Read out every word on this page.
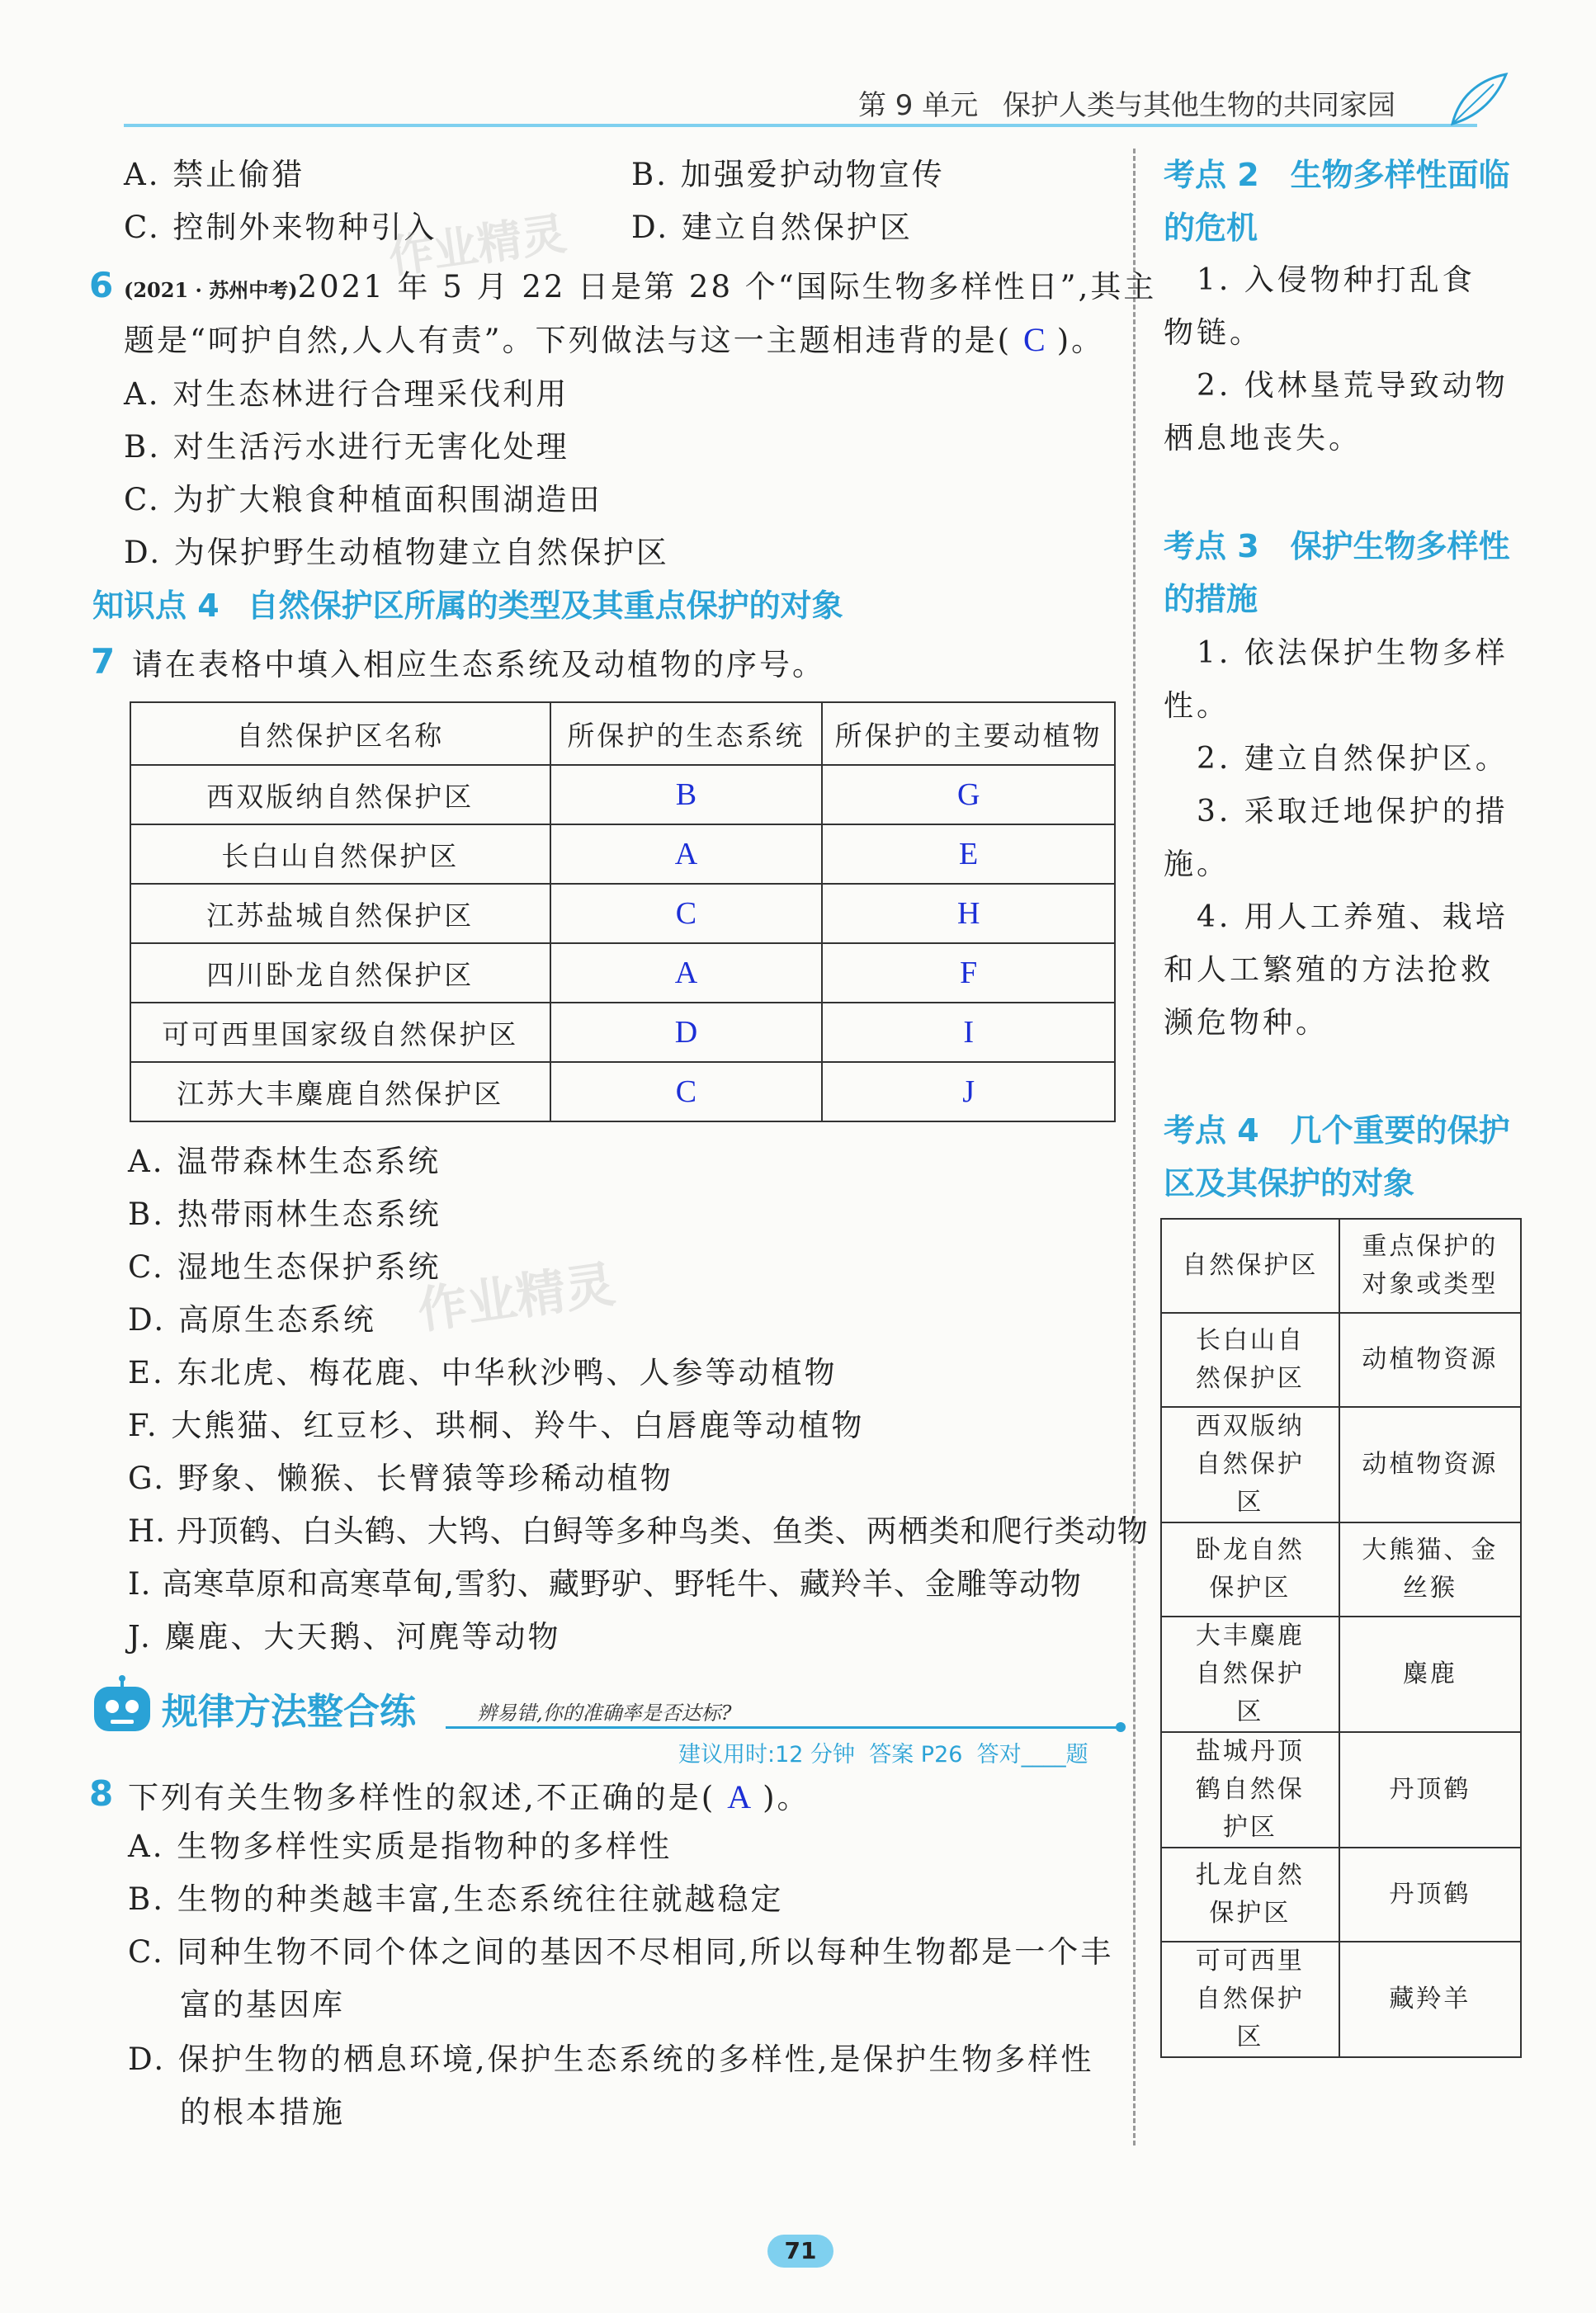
第 9 单元 保护人类与其他生物的共同家园
A. 禁止偷猎	B. 加强爱护动物宣传
C. 控制外来物种引入	D. 建立自然保护区
6 (2021 · 苏州中考)2021 年 5 月 22 日是第 28 个“国际生物多样性日”,其主
题是“呵护自然,人人有责”。下列做法与这一主题相违背的是( C )。
A. 对生态林进行合理采伐利用
B. 对生活污水进行无害化处理
C. 为扩大粮食种植面积围湖造田
D. 为保护野生动植物建立自然保护区
知识点 4 自然保护区所属的类型及其重点保护的对象
7 请在表格中填入相应生态系统及动植物的序号。
自然保护区名称	所保护的生态系统	所保护的主要动植物
西双版纳自然保护区	B	G
长白山自然保护区	A	E
江苏盐城自然保护区	C	H
四川卧龙自然保护区	A	F
可可西里国家级自然保护区	D	I
江苏大丰麋鹿自然保护区	C	J
A. 温带森林生态系统
B. 热带雨林生态系统
C. 湿地生态保护系统
D. 高原生态系统
E. 东北虎、梅花鹿、中华秋沙鸭、人参等动植物
F. 大熊猫、红豆杉、珙桐、羚牛、白唇鹿等动植物
G. 野象、懒猴、长臂猿等珍稀动植物
H. 丹顶鹤、白头鹤、大鸨、白鲟等多种鸟类、鱼类、两栖类和爬行类动物
I. 高寒草原和高寒草甸,雪豹、藏野驴、野牦牛、藏羚羊、金雕等动物
J. 麋鹿、大天鹅、河麂等动物
规律方法整合练	辨易错,你的准确率是否达标?
建议用时:12 分钟  答案 P26  答对____题
8 下列有关生物多样性的叙述,不正确的是( A )。
A. 生物多样性实质是指物种的多样性
B. 生物的种类越丰富,生态系统往往就越稳定
C. 同种生物不同个体之间的基因不尽相同,所以每种生物都是一个丰
富的基因库
D. 保护生物的栖息环境,保护生态系统的多样性,是保护生物多样性
的根本措施
考点 2　生物多样性面临
的危机
　1. 入侵物种打乱食
物链。
　2. 伐林垦荒导致动物
栖息地丧失。
考点 3　保护生物多样性
的措施
　1. 依法保护生物多样
性。
　2. 建立自然保护区。
　3. 采取迁地保护的措
施。
　4. 用人工养殖、栽培
和人工繁殖的方法抢救
濒危物种。
考点 4　几个重要的保护
区及其保护的对象
自然保护区	重点保护的对象或类型
长白山自然保护区	动植物资源
西双版纳自然保护区	动植物资源
卧龙自然保护区	大熊猫、金丝猴
大丰麋鹿自然保护区	麋鹿
盐城丹顶鹤自然保护区	丹顶鹤
扎龙自然保护区	丹顶鹤
可可西里自然保护区	藏羚羊
作业精灵
作业精灵
71
